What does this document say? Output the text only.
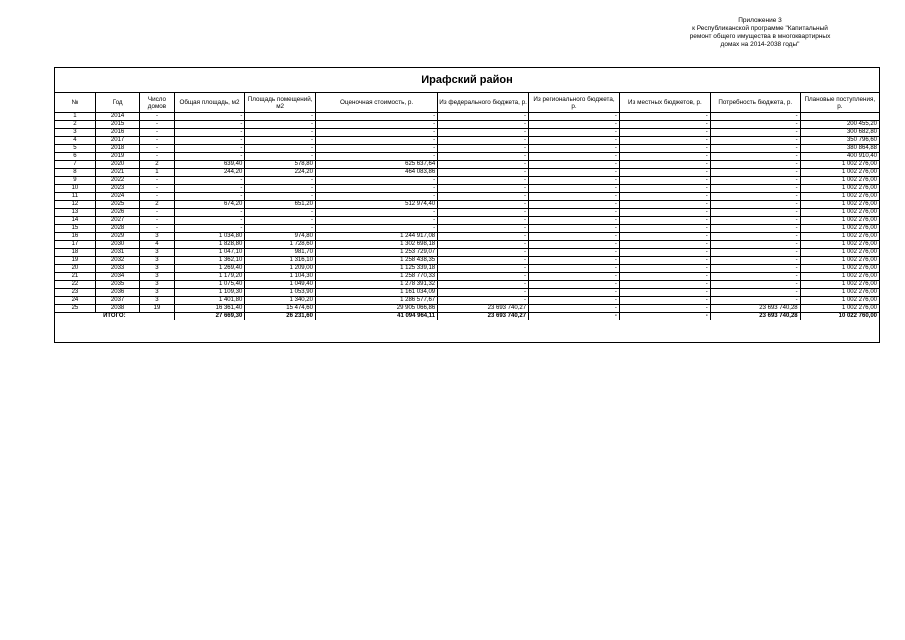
Приложение 3
к Республиканской программе "Капитальный
ремонт общего имущества в многоквартирных
домах на 2014-2038 годы"
Ирафский район
№	Год	Число домов	Общая площадь, м2	Площадь помещений, м2	Оценочная стоимость, р.	Из федерального бюджета, р.	Из регионального бюджета, р.	Из местных бюджетов, р.	Потребность бюджета, р.	Плановые поступления, р.
1	2014	-	-	-	-	-	-	-	-	
2	2015	-	-	-	-	-	-	-	-	200 455,20
3	2016	-	-	-	-	-	-	-	-	300 682,80
4	2017	-	-	-	-	-	-	-	-	350 796,60
5	2018	-	-	-	-	-	-	-	-	380 864,88
6	2019	-	-	-	-	-	-	-	-	400 910,40
7	2020	2	639,40	578,80	625 637,64	-	-	-	-	1 002 276,00
8	2021	1	244,20	224,20	464 083,86	-	-	-	-	1 002 276,00
9	2022	-	-	-	-	-	-	-	-	1 002 276,00
10	2023	-	-	-	-	-	-	-	-	1 002 276,00
11	2024	-	-	-	-	-	-	-	-	1 002 276,00
12	2025	2	674,20	651,20	512 974,40	-	-	-	-	1 002 276,00
13	2026	-	-	-	-	-	-	-	-	1 002 276,00
14	2027	-	-	-	-	-	-	-	-	1 002 276,00
15	2028	-	-	-	-	-	-	-	-	1 002 276,00
16	2029	3	1 034,80	974,80	1 244 917,08	-	-	-	-	1 002 276,00
17	2030	4	1 828,80	1 728,60	1 302 698,18	-	-	-	-	1 002 276,00
18	2031	3	1 047,10	981,70	1 253 729,07	-	-	-	-	1 002 276,00
19	2032	3	1 362,10	1 316,10	1 258 438,35	-	-	-	-	1 002 276,00
20	2033	3	1 269,40	1 209,00	1 125 339,18	-	-	-	-	1 002 276,00
21	2034	3	1 179,20	1 104,30	1 258 770,33	-	-	-	-	1 002 276,00
22	2035	3	1 075,40	1 049,40	1 278 391,32	-	-	-	-	1 002 276,00
23	2036	3	1 109,30	1 053,90	1 161 034,09	-	-	-	-	1 002 276,00
24	2037	3	1 401,80	1 340,20	1 286 577,67	-	-	-	-	1 002 276,00
25	2038	19	16 361,40	15 474,60	29 905 066,86	23 693 740,27	-	-	23 693 740,28	1 002 276,00
ИТОГО:			27 669,30	26 231,60	41 094 964,11	23 693 740,27	-	-	23 693 740,28	10 022 760,00
